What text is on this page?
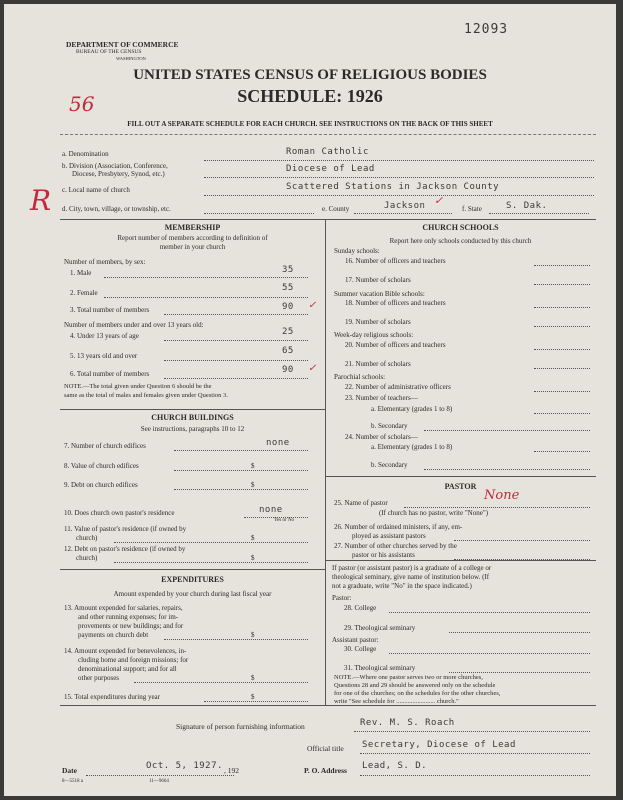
12093
DEPARTMENT OF COMMERCE
BUREAU OF THE CENSUS
WASHINGTON
UNITED STATES CENSUS OF RELIGIOUS BODIES
SCHEDULE: 1926
56
FILL OUT A SEPARATE SCHEDULE FOR EACH CHURCH. SEE INSTRUCTIONS ON THE BACK OF THIS SHEET
R
a. Denomination	Roman Catholic
b. Division (Association, Conference,
Diocese, Presbytery, Synod, etc.)	Diocese of Lead
c. Local name of church	Scattered Stations in Jackson County
d. City, town, village, or township, etc.	e. County	Jackson ✓
f. State	S. Dak.
MEMBERSHIP
Report number of members according to definition of
member in your church
Number of members, by sex:
1. Male	35
2. Female	55
3. Total number of members	90 ✓
Number of members under and over 13 years old:
4. Under 13 years of age	25
5. 13 years old and over	65
6. Total number of members	90 ✓
NOTE.—The total given under Question 6 should be the
same as the total of males and females given under Question 3.
CHURCH BUILDINGS
See instructions, paragraphs 10 to 12
7. Number of church edifices	none
8. Value of church edifices	$
9. Debt on church edifices	$
10. Does church own pastor's residence	none
Yes or No
11. Value of pastor's residence (if owned by
church)	$
12. Debt on pastor's residence (if owned by
church)	$
EXPENDITURES
Amount expended by your church during last fiscal year
13. Amount expended for salaries, repairs,
and other running expenses; for im-
provements or new buildings; and for
payments on church debt	$
14. Amount expended for benevolences, in-
cluding home and foreign missions; for
denominational support; and for all
other purposes	$
15. Total expenditures during year	$
CHURCH SCHOOLS
Report here only schools conducted by this church
Sunday schools:
16. Number of officers and teachers
17. Number of scholars
Summer vacation Bible schools:
18. Number of officers and teachers
19. Number of scholars
Week-day religious schools:
20. Number of officers and teachers
21. Number of scholars
Parochial schools:
22. Number of administrative officers
23. Number of teachers—
a. Elementary (grades 1 to 8)
b. Secondary
24. Number of scholars—
a. Elementary (grades 1 to 8)
b. Secondary
PASTOR
25. Name of pastor	None
(If church has no pastor, write "None")
26. Number of ordained ministers, if any, em-
ployed as assistant pastors
27. Number of other churches served by the
pastor or his assistants
If pastor (or assistant pastor) is a graduate of a college or
theological seminary, give name of institution below. (If
not a graduate, write "No" in the space indicated.)
Pastor:
28. College
29. Theological seminary
Assistant pastor:
30. College
31. Theological seminary
NOTE.—Where one pastor serves two or more churches,
Questions 28 and 29 should be answered only on the schedule
for one of the churches; on the schedules for the other churches,
write "See schedule for ........................ church."
Signature of person furnishing information	Rev. M. S. Roach
Official title Secretary, Diocese of Lead
Date	Oct. 5, 1927. , 192	P. O. Address Lead, S. D.
8—5518 a	11—9664
